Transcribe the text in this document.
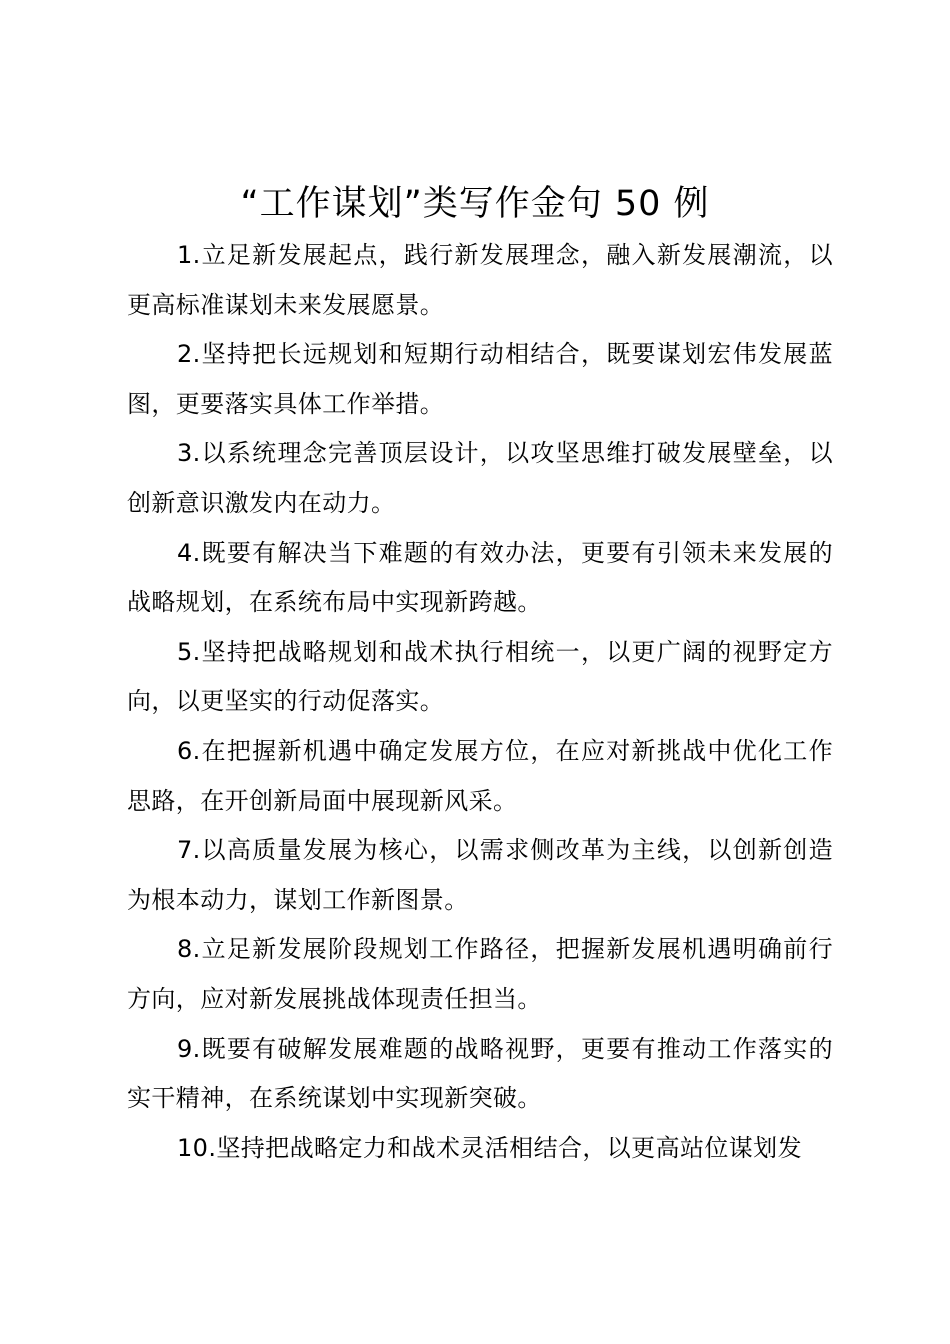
“工作谋划”类写作金句 50 例

1.立足新发展起点，践行新发展理念，融入新发展潮流，以更高标准谋划未来发展愿景。

2.坚持把长远规划和短期行动相结合，既要谋划宏伟发展蓝图，更要落实具体工作举措。

3.以系统理念完善顶层设计，以攻坚思维打破发展壁垒，以创新意识激发内在动力。

4.既要有解决当下难题的有效办法，更要有引领未来发展的战略规划，在系统布局中实现新跨越。

5.坚持把战略规划和战术执行相统一，以更广阔的视野定方向，以更坚实的行动促落实。

6.在把握新机遇中确定发展方位，在应对新挑战中优化工作思路，在开创新局面中展现新风采。

7.以高质量发展为核心，以需求侧改革为主线，以创新创造为根本动力，谋划工作新图景。

8.立足新发展阶段规划工作路径，把握新发展机遇明确前行方向，应对新发展挑战体现责任担当。

9.既要有破解发展难题的战略视野，更要有推动工作落实的实干精神，在系统谋划中实现新突破。

10.坚持把战略定力和战术灵活相结合，以更高站位谋划发
